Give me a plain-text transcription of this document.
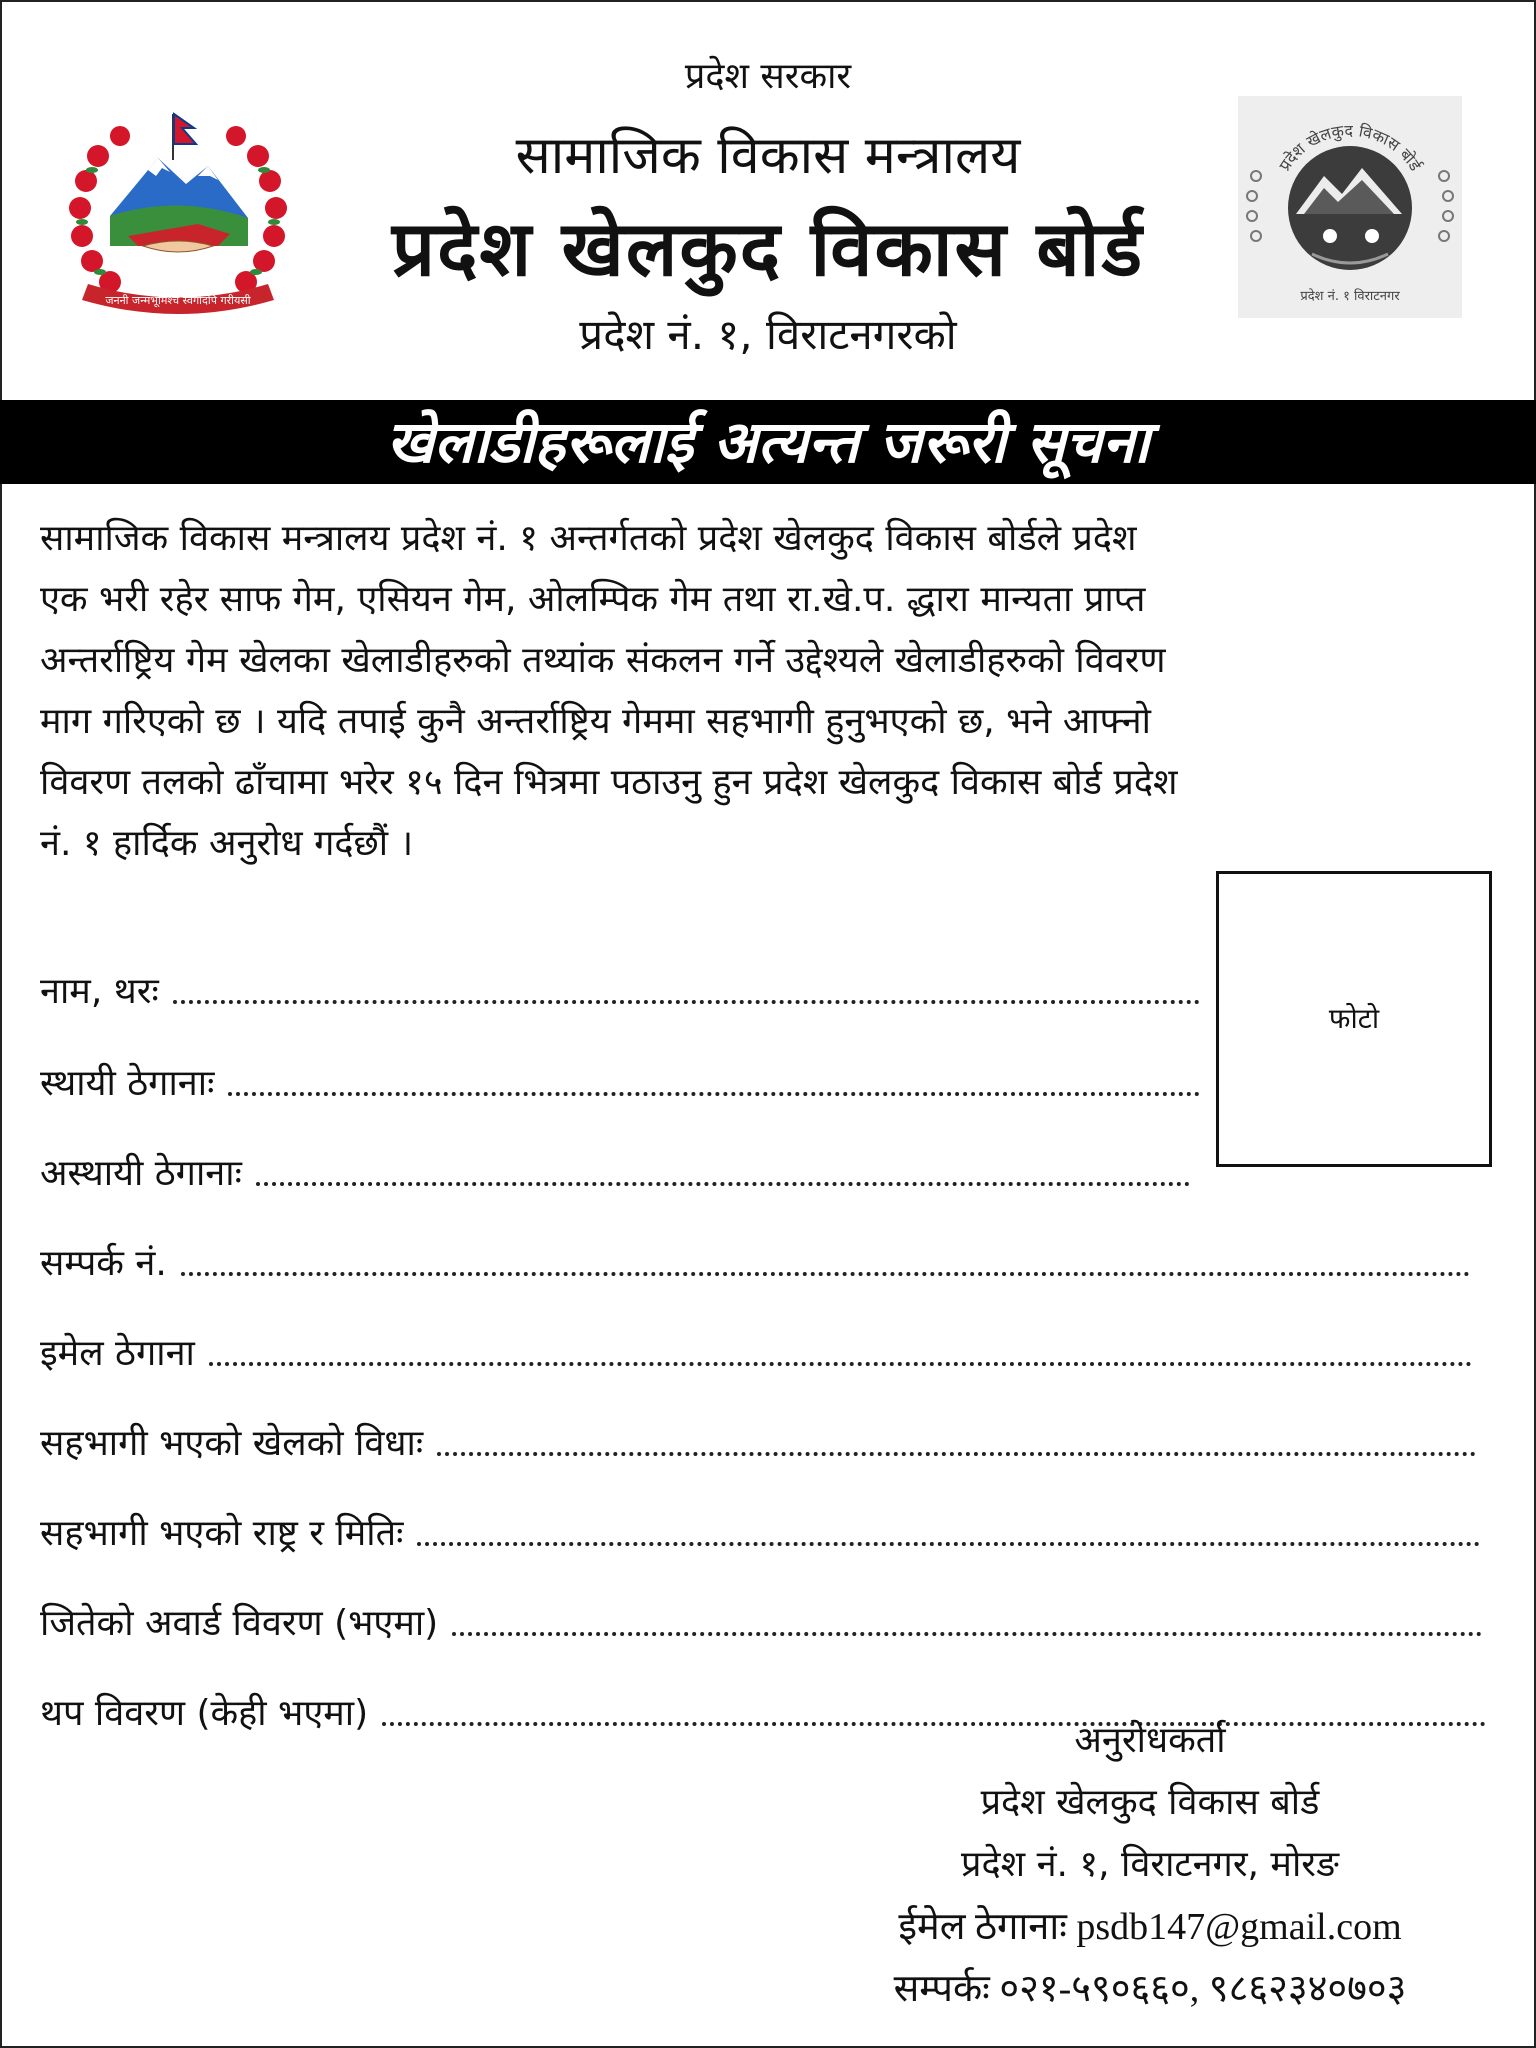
जननी जन्मभूमिश्च स्वर्गादपि गरीयसी
प्रदेश सरकार
सामाजिक विकास मन्त्रालय
प्रदेश खेलकुद विकास बोर्ड
प्रदेश नं. १, विराटनगरको
प्रदेश खेलकुद विकास बोर्ड
प्रदेश नं. १ विराटनगर
खेलाडीहरूलाई अत्यन्त जरूरी सूचना
सामाजिक विकास मन्त्रालय प्रदेश नं. १ अन्तर्गतको प्रदेश खेलकुद विकास बोर्डले प्रदेश
एक भरी रहेर साफ गेम, एसियन गेम, ओलम्पिक गेम तथा रा.खे.प. द्धारा मान्यता प्राप्त
अन्तर्राष्ट्रिय गेम खेलका खेलाडीहरुको तथ्यांक संकलन गर्ने उद्देश्यले खेलाडीहरुको विवरण
माग गरिएको छ । यदि तपाई कुनै अन्तर्राष्ट्रिय गेममा सहभागी हुनुभएको छ, भने आफ्नो
विवरण तलको ढाँचामा भरेर १५ दिन भित्रमा पठाउनु हुन प्रदेश खेलकुद विकास बोर्ड प्रदेश
नं. १ हार्दिक अनुरोध गर्दछौं ।
फोटो
नाम, थरः
स्थायी ठेगानाः
अस्थायी ठेगानाः
सम्पर्क नं.
इमेल ठेगाना
सहभागी भएको खेलको विधाः
सहभागी भएको राष्ट्र र मितिः
जितेको अवार्ड विवरण (भएमा)
थप विवरण (केही भएमा)
अनुरोधकर्ता
प्रदेश खेलकुद विकास बोर्ड
प्रदेश नं. १, विराटनगर, मोरङ
ईमेल ठेगानाः psdb147@gmail.com
सम्पर्कः ०२१-५९०६६०, ९८६२३४०७०३
